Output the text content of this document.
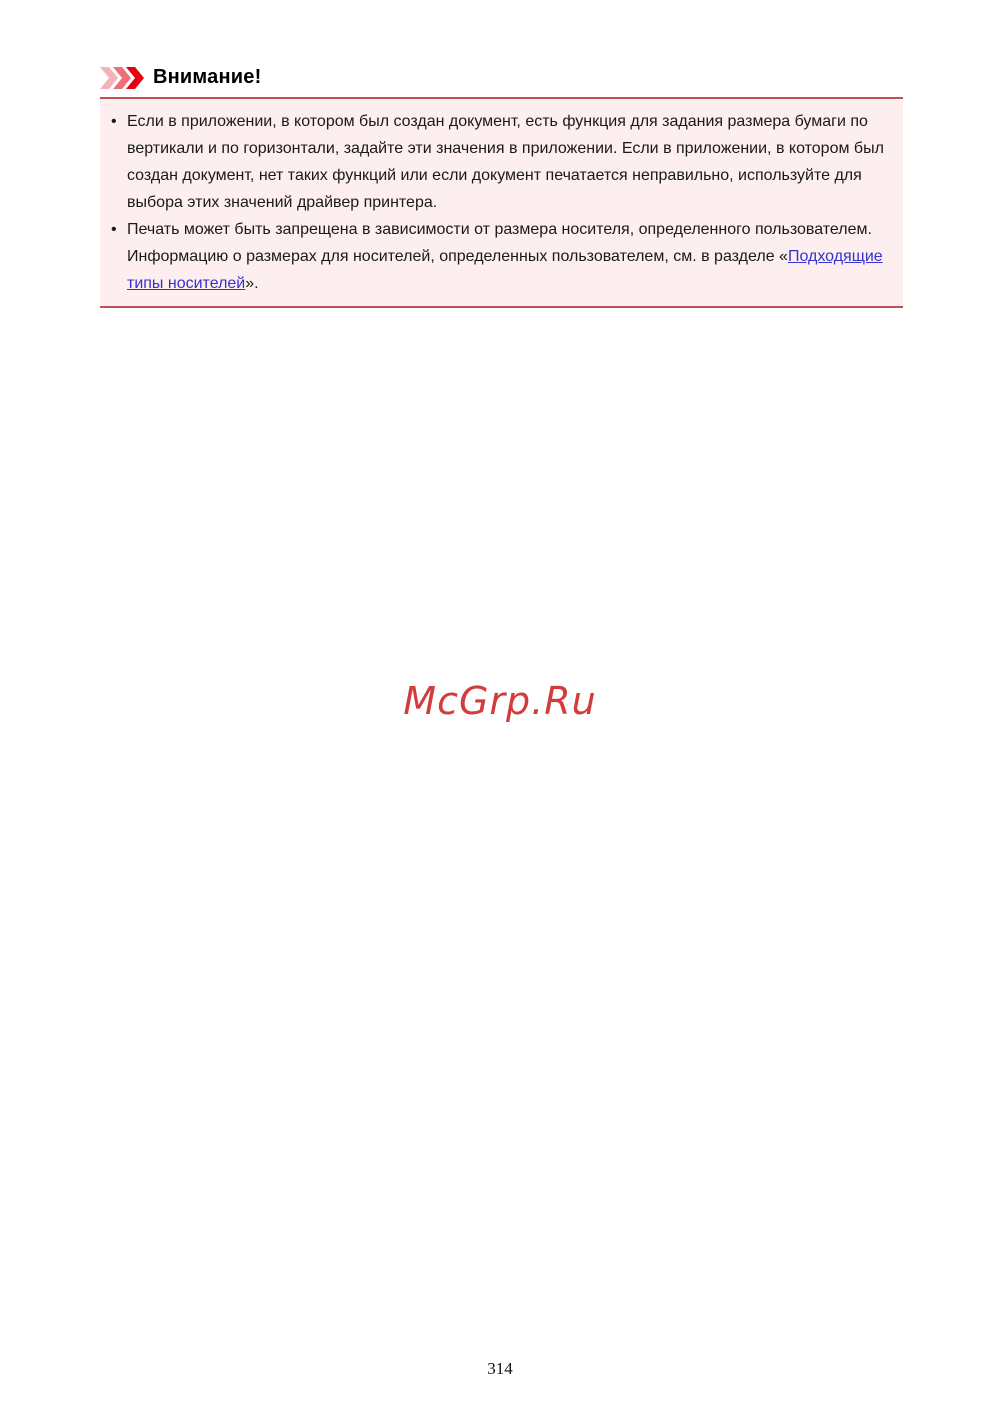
Внимание!
• Если в приложении, в котором был создан документ, есть функция для задания размера бумаги по вертикали и по горизонтали, задайте эти значения в приложении. Если в приложении, в котором был создан документ, нет таких функций или если документ печатается неправильно, используйте для выбора этих значений драйвер принтера.
• Печать может быть запрещена в зависимости от размера носителя, определенного пользователем.
Информацию о размерах для носителей, определенных пользователем, см. в разделе «Подходящие типы носителей».
McGrp.Ru
314
